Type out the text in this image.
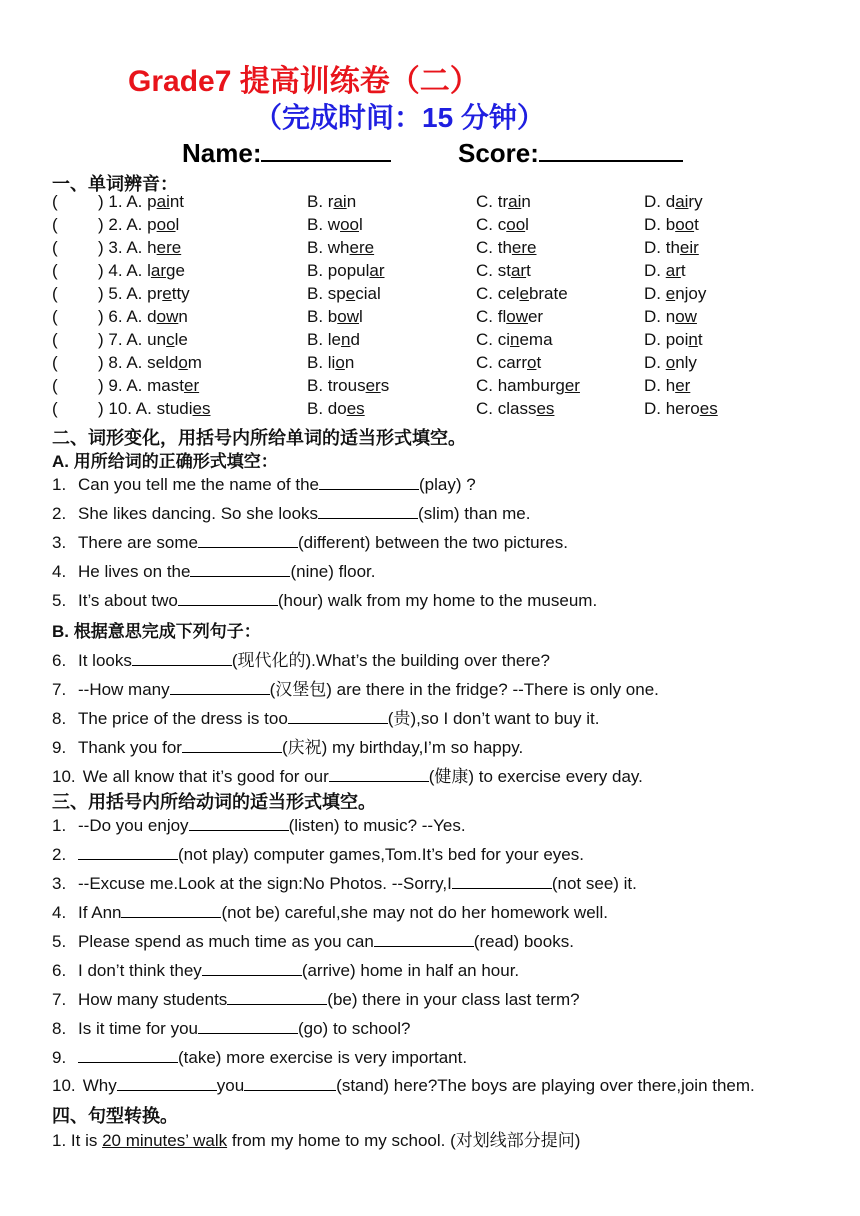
Grade7 提高训练卷（二）
（完成时间：15 分钟）
Name:	Score:
一、单词辨音：
( ) 1. A. paint	B. rain	C. train	D. dairy
( ) 2. A. pool	B. wool	C. cool	D. boot
( ) 3. A. here	B. where	C. there	D. their
( ) 4. A. large	B. popular	C. start	D. art
( ) 5. A. pretty	B. special	C. celebrate	D. enjoy
( ) 6. A. down	B. bowl	C. flower	D. now
( ) 7. A. uncle	B. lend	C. cinema	D. point
( ) 8. A. seldom	B. lion	C. carrot	D. only
( ) 9. A. master	B. trousers	C. hamburger	D. her
( ) 10. A. studies	B. does	C. classes	D. heroes
二、词形变化，用括号内所给单词的适当形式填空。
A. 用所给词的正确形式填空：
1. Can you tell me the name of the	(play) ?
2. She likes dancing. So she looks	(slim) than me.
3. There are some	(different) between the two pictures.
4. He lives on the	(nine) floor.
5. It’s about two	(hour) walk from my home to the museum.
B. 根据意思完成下列句子：
6. It looks	(现代化的).What’s the building over there?
7. --How many	(汉堡包) are there in the fridge? --There is only one.
8. The price of the dress is too	(贵),so I don’t want to buy it.
9. Thank you for	(庆祝) my birthday,I’m so happy.
10. We all know that it’s good for our	(健康) to exercise every day.
三、用括号内所给动词的适当形式填空。
1. --Do you enjoy	(listen) to music? --Yes.
2.	(not play) computer games,Tom.It’s bed for your eyes.
3. --Excuse me.Look at the sign:No Photos. --Sorry,I	(not see) it.
4. If Ann	(not be) careful,she may not do her homework well.
5. Please spend as much time as you can	(read) books.
6. I don’t think they	(arrive) home in half an hour.
7. How many students	(be) there in your class last term?
8. Is it time for you	(go) to school?
9.	(take) more exercise is very important.
10. Why	you	(stand) here?The boys are playing over there,join them.
四、句型转换。
1. It is 20 minutes’ walk from my home to my school. (对划线部分提问)
